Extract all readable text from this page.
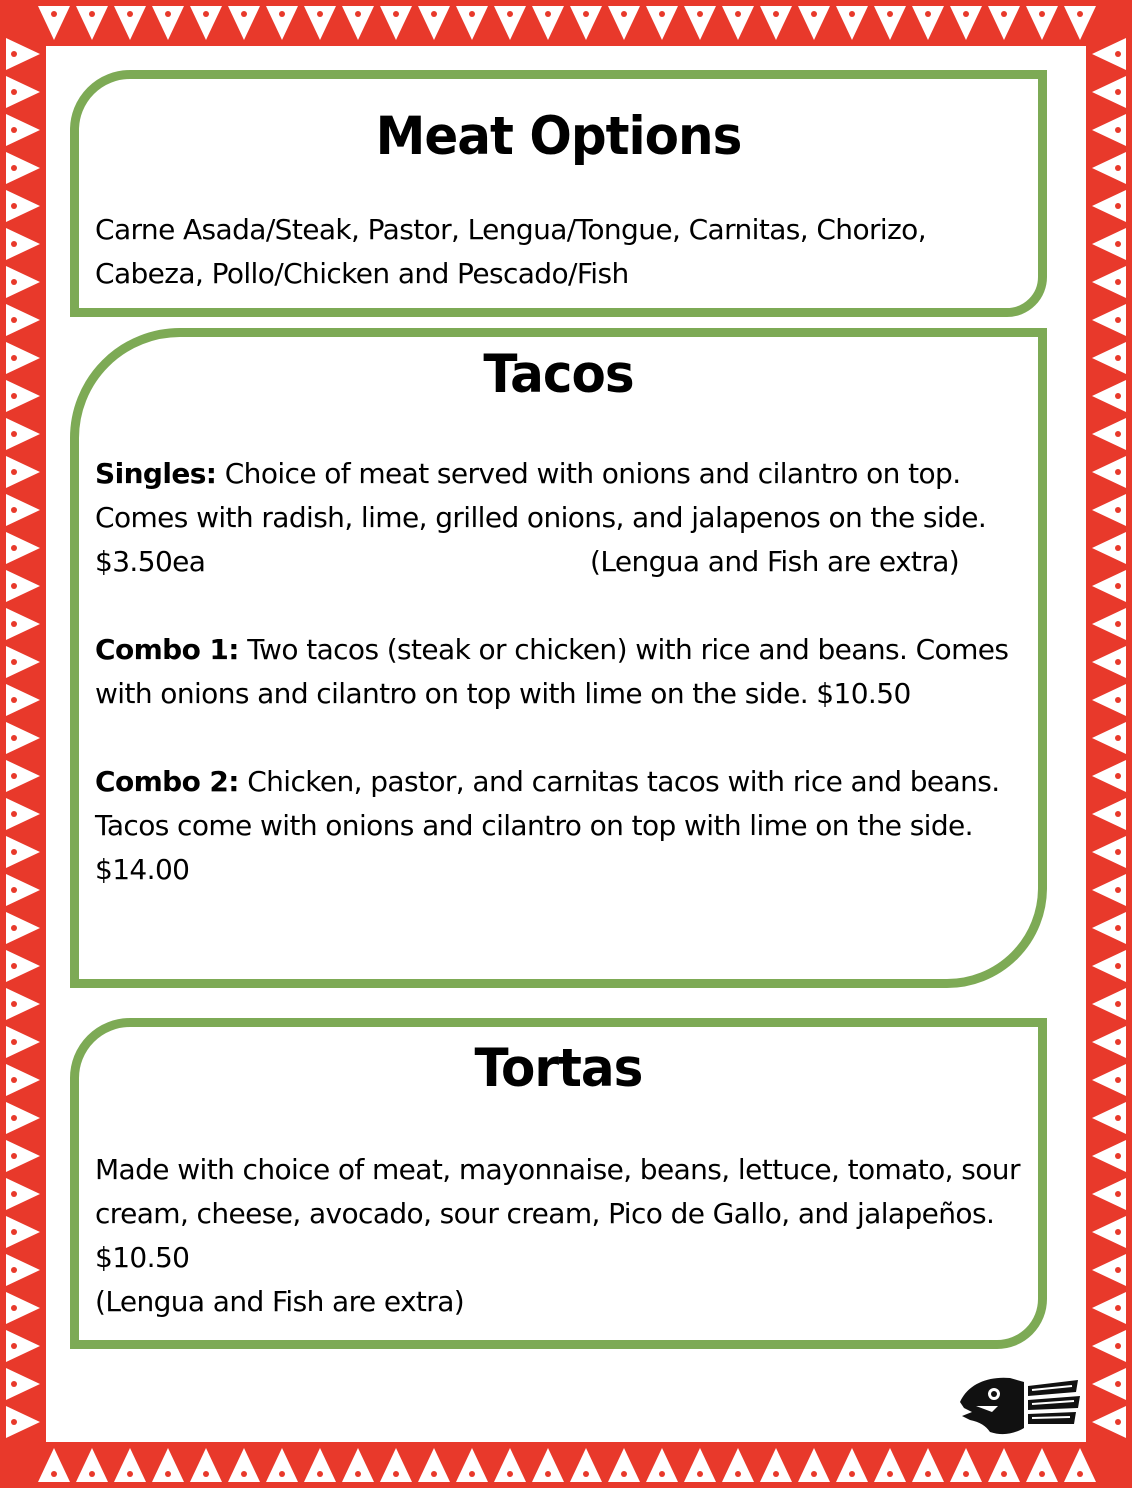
Meat Options

Carne Asada/Steak, Pastor, Lengua/Tongue, Carnitas, Chorizo, Cabeza, Pollo/Chicken and Pescado/Fish

Tacos

Singles: Choice of meat served with onions and cilantro on top. Comes with radish, lime, grilled onions, and jalapenos on the side. $3.50ea	(Lengua and Fish are extra)

Combo 1: Two tacos (steak or chicken) with rice and beans. Comes with onions and cilantro on top with lime on the side. $10.50

Combo 2: Chicken, pastor, and carnitas tacos with rice and beans. Tacos come with onions and cilantro on top with lime on the side. $14.00

Tortas

Made with choice of meat, mayonnaise, beans, lettuce, tomato, sour cream, cheese, avocado, sour cream, Pico de Gallo, and jalapeños. $10.50

(Lengua and Fish are extra)
